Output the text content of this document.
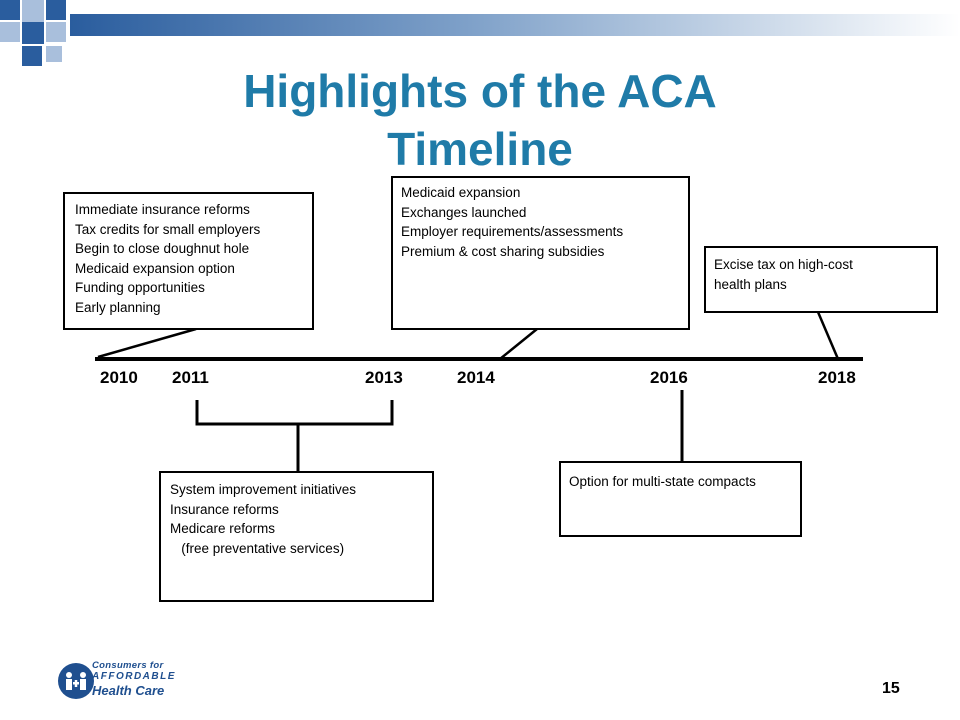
Highlights of the ACA
Timeline
2010 2011	2013	2014	2016	2018
Immediate insurance reforms
Tax credits for small employers
Begin to close doughnut hole
Medicaid expansion option
Funding opportunities
Early planning
Medicaid expansion
Exchanges launched
Employer requirements/assessments
Premium & cost sharing subsidies
Excise tax on high-cost
health plans
System improvement initiatives
Insurance reforms
Medicare reforms
(free preventative services)
Option for multi-state compacts
Consumers for
AFFORDABLE
Health Care	15
